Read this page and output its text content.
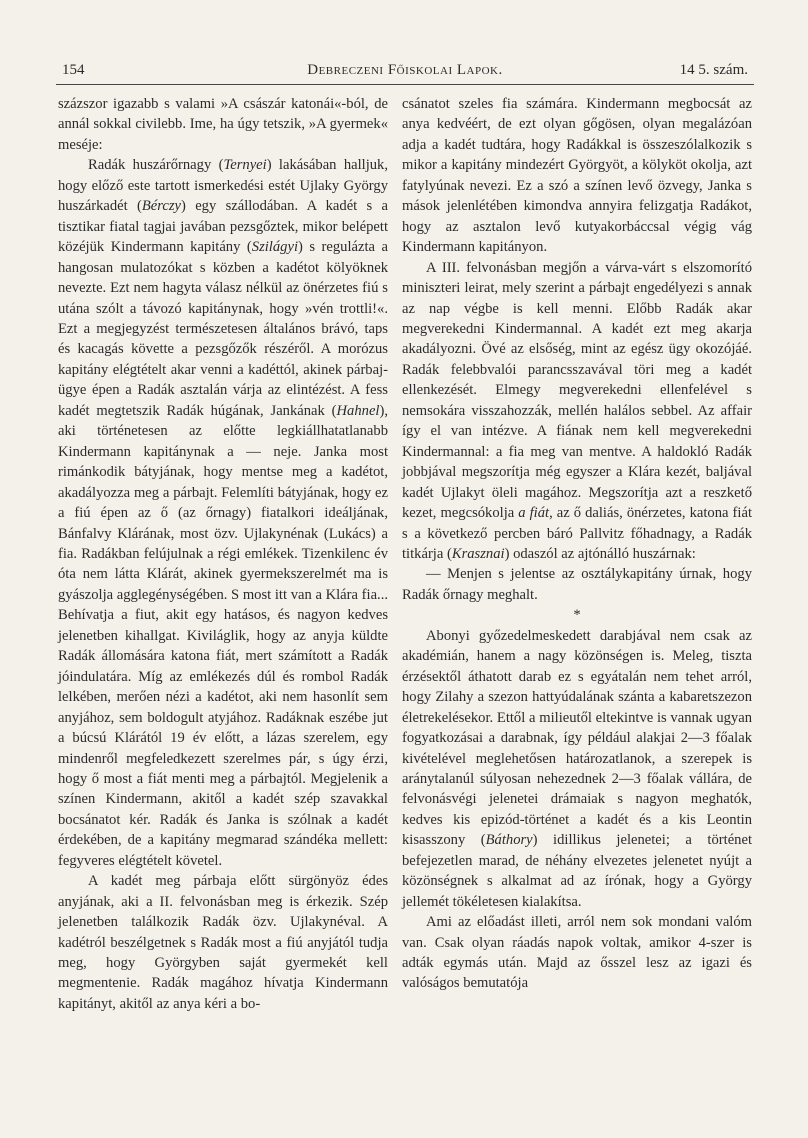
154	Debreczeni Főiskolai Lapok.	14 5. szám.

százszor igazabb s valami »A császár katonái«-ból, de annál sokkal civilebb. Ime, ha úgy tetszik, »A gyermek« meséje:

Radák huszárőrnagy (Ternyei) lakásában halljuk, hogy előző este tartott ismerkedési estét Ujlaky György huszárkadét (Bérczy) egy szállodában. A kadét s a tisztikar fiatal tagjai javában pezsgőztek, mikor belépett közéjük Kindermann kapitány (Szilágyi) s regulázta a hangosan mulatozókat s közben a kadétot kölyöknek nevezte. Ezt nem hagyta válasz nélkül az önérzetes fiú s utána szólt a távozó kapitánynak, hogy »vén trottli!«. Ezt a megjegyzést természetesen általános brávó, taps és kacagás követte a pezsgőzők részéről. A morózus kapitány elégtételt akar venni a kadéttól, akinek párbaj-ügye épen a Radák asztalán várja az elintézést. A fess kadét megtetszik Radák húgának, Jankának (Hahnel), aki történetesen az előtte legkiállhatatlanabb Kindermann kapitánynak a — neje. Janka most rimánkodik bátyjának, hogy mentse meg a kadétot, akadályozza meg a párbajt. Felemlíti bátyjának, hogy ez a fiú épen az ő (az őrnagy) fiatalkori ideáljának, Bánfalvy Klárának, most özv. Ujlakynénak (Lukács) a fia. Radákban felújulnak a régi emlékek. Tizenkilenc év óta nem látta Klárát, akinek gyermekszerelmét ma is gyászolja agglegénységében. S most itt van a Klára fia... Behívatja a fiut, akit egy hatásos, és nagyon kedves jelenetben kihallgat. Kiviláglik, hogy az anyja küldte Radák állomására katona fiát, mert számított a Radák jóindulatára. Míg az emlékezés dúl és rombol Radák lelkében, merően nézi a kadétot, aki nem hasonlít sem anyjához, sem boldogult atyjához. Radáknak eszébe jut a búcsú Klárától 19 év előtt, a lázas szerelem, egy mindenről megfeledkezett szerelmes pár, s úgy érzi, hogy ő most a fiát menti meg a párbajtól. Megjelenik a színen Kindermann, akitől a kadét szép szavakkal bocsánatot kér. Radák és Janka is szólnak a kadét érdekében, de a kapitány megmarad szándéka mellett: fegyveres elégtételt követel.

A kadét meg párbaja előtt sürgönyöz édes anyjának, aki a II. felvonásban meg is érkezik. Szép jelenetben találkozik Radák özv. Ujlakynéval. A kadétról beszélgetnek s Radák most a fiú anyjától tudja meg, hogy Györgyben saját gyermekét kell megmentenie. Radák magához hívatja Kindermann kapitányt, akitől az anya kéri a bo-

csánatot szeles fia számára. Kindermann megbocsát az anya kedvéért, de ezt olyan gőgösen, olyan megalázóan adja a kadét tudtára, hogy Radákkal is összeszólalkozik s mikor a kapitány mindezért Györgyöt, a kölyköt okolja, azt fatylyúnak nevezi. Ez a szó a színen levő özvegy, Janka s mások jelenlétében kimondva annyira felizgatja Radákot, hogy az asztalon levő kutyakorbáccsal végig vág Kindermann kapitányon.

A III. felvonásban megjőn a várva-várt s elszomorító miniszteri leirat, mely szerint a párbajt engedélyezi s annak az nap végbe is kell menni. Előbb Radák akar megverekedni Kindermannal. A kadét ezt meg akarja akadályozni. Övé az elsőség, mint az egész ügy okozójáé. Radák felebbvalói parancsszavával töri meg a kadét ellenkezését. Elmegy megverekedni ellenfelével s nemsokára visszahozzák, mellén halálos sebbel. Az affair így el van intézve. A fiának nem kell megverekedni Kindermannal: a fia meg van mentve. A haldokló Radák jobbjával megszorítja még egyszer a Klára kezét, baljával kadét Ujlakyt öleli magához. Megszorítja azt a reszkető kezet, megcsókolja a fiát, az ő daliás, önérzetes, katona fiát s a következő percben báró Pallvitz főhadnagy, a Radák titkárja (Krasznai) odaszól az ajtónálló huszárnak:

— Menjen s jelentse az osztálykapitány úrnak, hogy Radák őrnagy meghalt.

*

Abonyi győzedelmeskedett darabjával nem csak az akadémián, hanem a nagy közönségen is. Meleg, tiszta érzésektől áthatott darab ez s egyátalán nem tehet arról, hogy Zilahy a szezon hattyúdalának szánta a kabaretszezon életrekelésekor. Ettől a milieutől eltekintve is vannak ugyan fogyatkozásai a darabnak, így például alakjai 2—3 főalak kivételével meglehetősen határozatlanok, a szerepek is aránytalanúl súlyosan nehezednek 2—3 főalak vállára, de felvonásvégi jelenetei drámaiak s nagyon meghatók, kedves kis epizód-történet a kadét és a kis Leontin kisasszony (Báthory) idillikus jelenetei; a történet befejezetlen marad, de néhány elvezetes jelenetet nyújt a közönségnek s alkalmat ad az írónak, hogy a György jellemét tökéletesen kialakítsa.

Ami az előadást illeti, arról nem sok mondani valóm van. Csak olyan ráadás napok voltak, amikor 4-szer is adták egymás után. Majd az ősszel lesz az igazi és valóságos bemutatója
